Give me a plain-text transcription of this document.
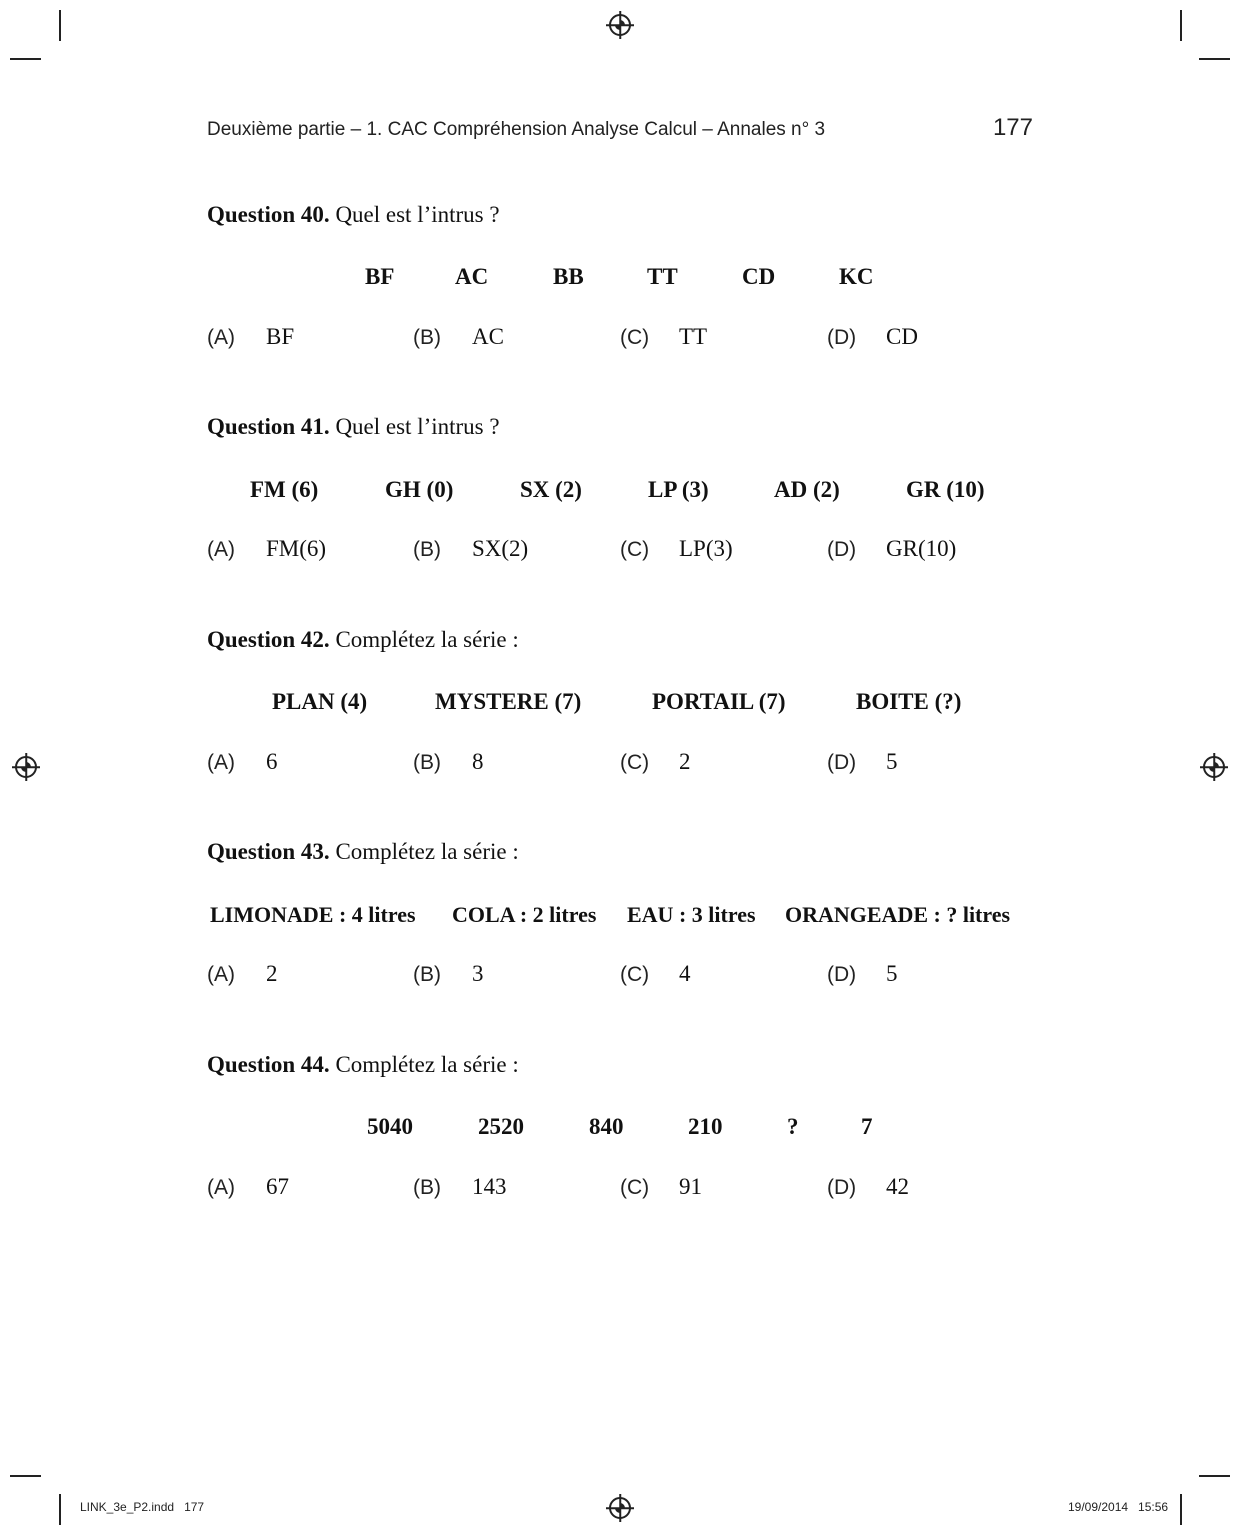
Deuxième partie – 1. CAC Compréhension Analyse Calcul – Annales n° 3	177
Question 40. Quel est l’intrus ?
BF	AC	BB	TT	CD	KC
(A) BF	(B) AC	(C) TT	(D) CD
Question 41. Quel est l’intrus ?
FM (6)	GH (0)	SX (2)	LP (3)	AD (2)	GR (10)
(A) FM(6)	(B) SX(2)	(C) LP(3)	(D) GR(10)
Question 42. Complétez la série :
PLAN (4)	MYSTERE (7)	PORTAIL (7)	BOITE (?)
(A) 6	(B) 8	(C) 2	(D) 5
Question 43. Complétez la série :
LIMONADE : 4 litres COLA : 2 litres EAU : 3 litres ORANGEADE : ? litres
(A) 2	(B) 3	(C) 4	(D) 5
Question 44. Complétez la série :
5040	2520	840	210	?	7
(A) 67	(B) 143	(C) 91	(D) 42
LINK_3e_P2.indd   177	19/09/2014   15:56
